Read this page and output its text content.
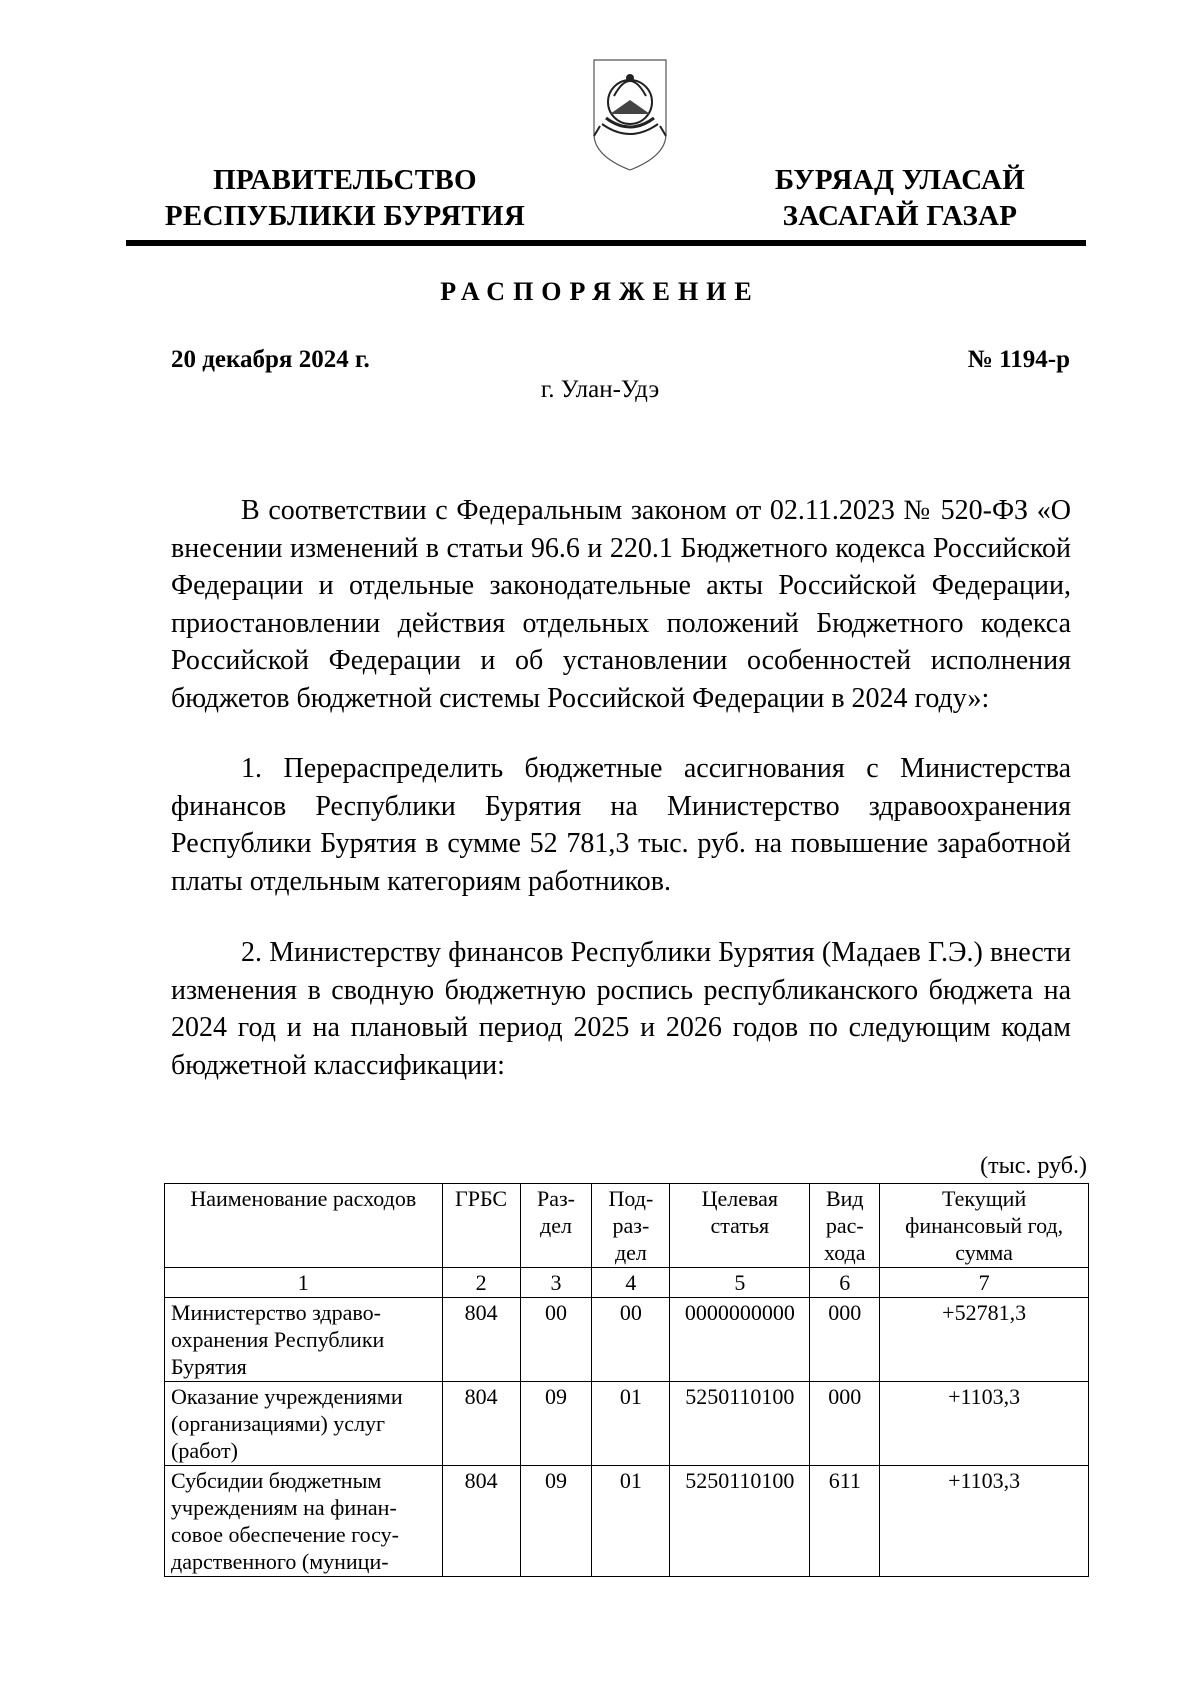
ПРАВИТЕЛЬСТВО
РЕСПУБЛИКИ БУРЯТИЯ
БУРЯАД УЛАСАЙ
ЗАСАГАЙ ГАЗАР
РАСПОРЯЖЕНИЕ
20 декабря 2024 г.	№ 1194-р
г. Улан-Удэ

В соответствии с Федеральным законом от 02.11.2023 № 520-ФЗ «О внесении изменений в статьи 96.6 и 220.1 Бюджетного кодекса Российской Федерации и отдельные законодательные акты Российской Федерации, приостановлении действия отдельных положений Бюджетного кодекса Российской Федерации и об установлении особенностей исполнения бюджетов бюджетной системы Российской Федерации в 2024 году»:

1. Перераспределить бюджетные ассигнования с Министерства финансов Республики Бурятия на Министерство здравоохранения Республики Бурятия в сумме 52 781,3 тыс. руб. на повышение заработной платы отдельным категориям работников.

2. Министерству финансов Республики Бурятия (Мадаев Г.Э.) внести изменения в сводную бюджетную роспись республиканского бюджета на 2024 год и на плановый период 2025 и 2026 годов по следующим кодам бюджетной классификации:

(тыс. руб.)
Наименование расходов	ГРБС	Раз-дел	Под-раз-дел	Целевая статья	Вид рас-хода	Текущий финансовый год, сумма
1	2	3	4	5	6	7
Министерство здраво-охранения Республики Бурятия	804	00	00	0000000000	000	+52781,3
Оказание учреждениями (организациями) услуг (работ)	804	09	01	5250110100	000	+1103,3
Субсидии бюджетным учреждениям на финан-совое обеспечение госу-дарственного (муници-	804	09	01	5250110100	611	+1103,3
